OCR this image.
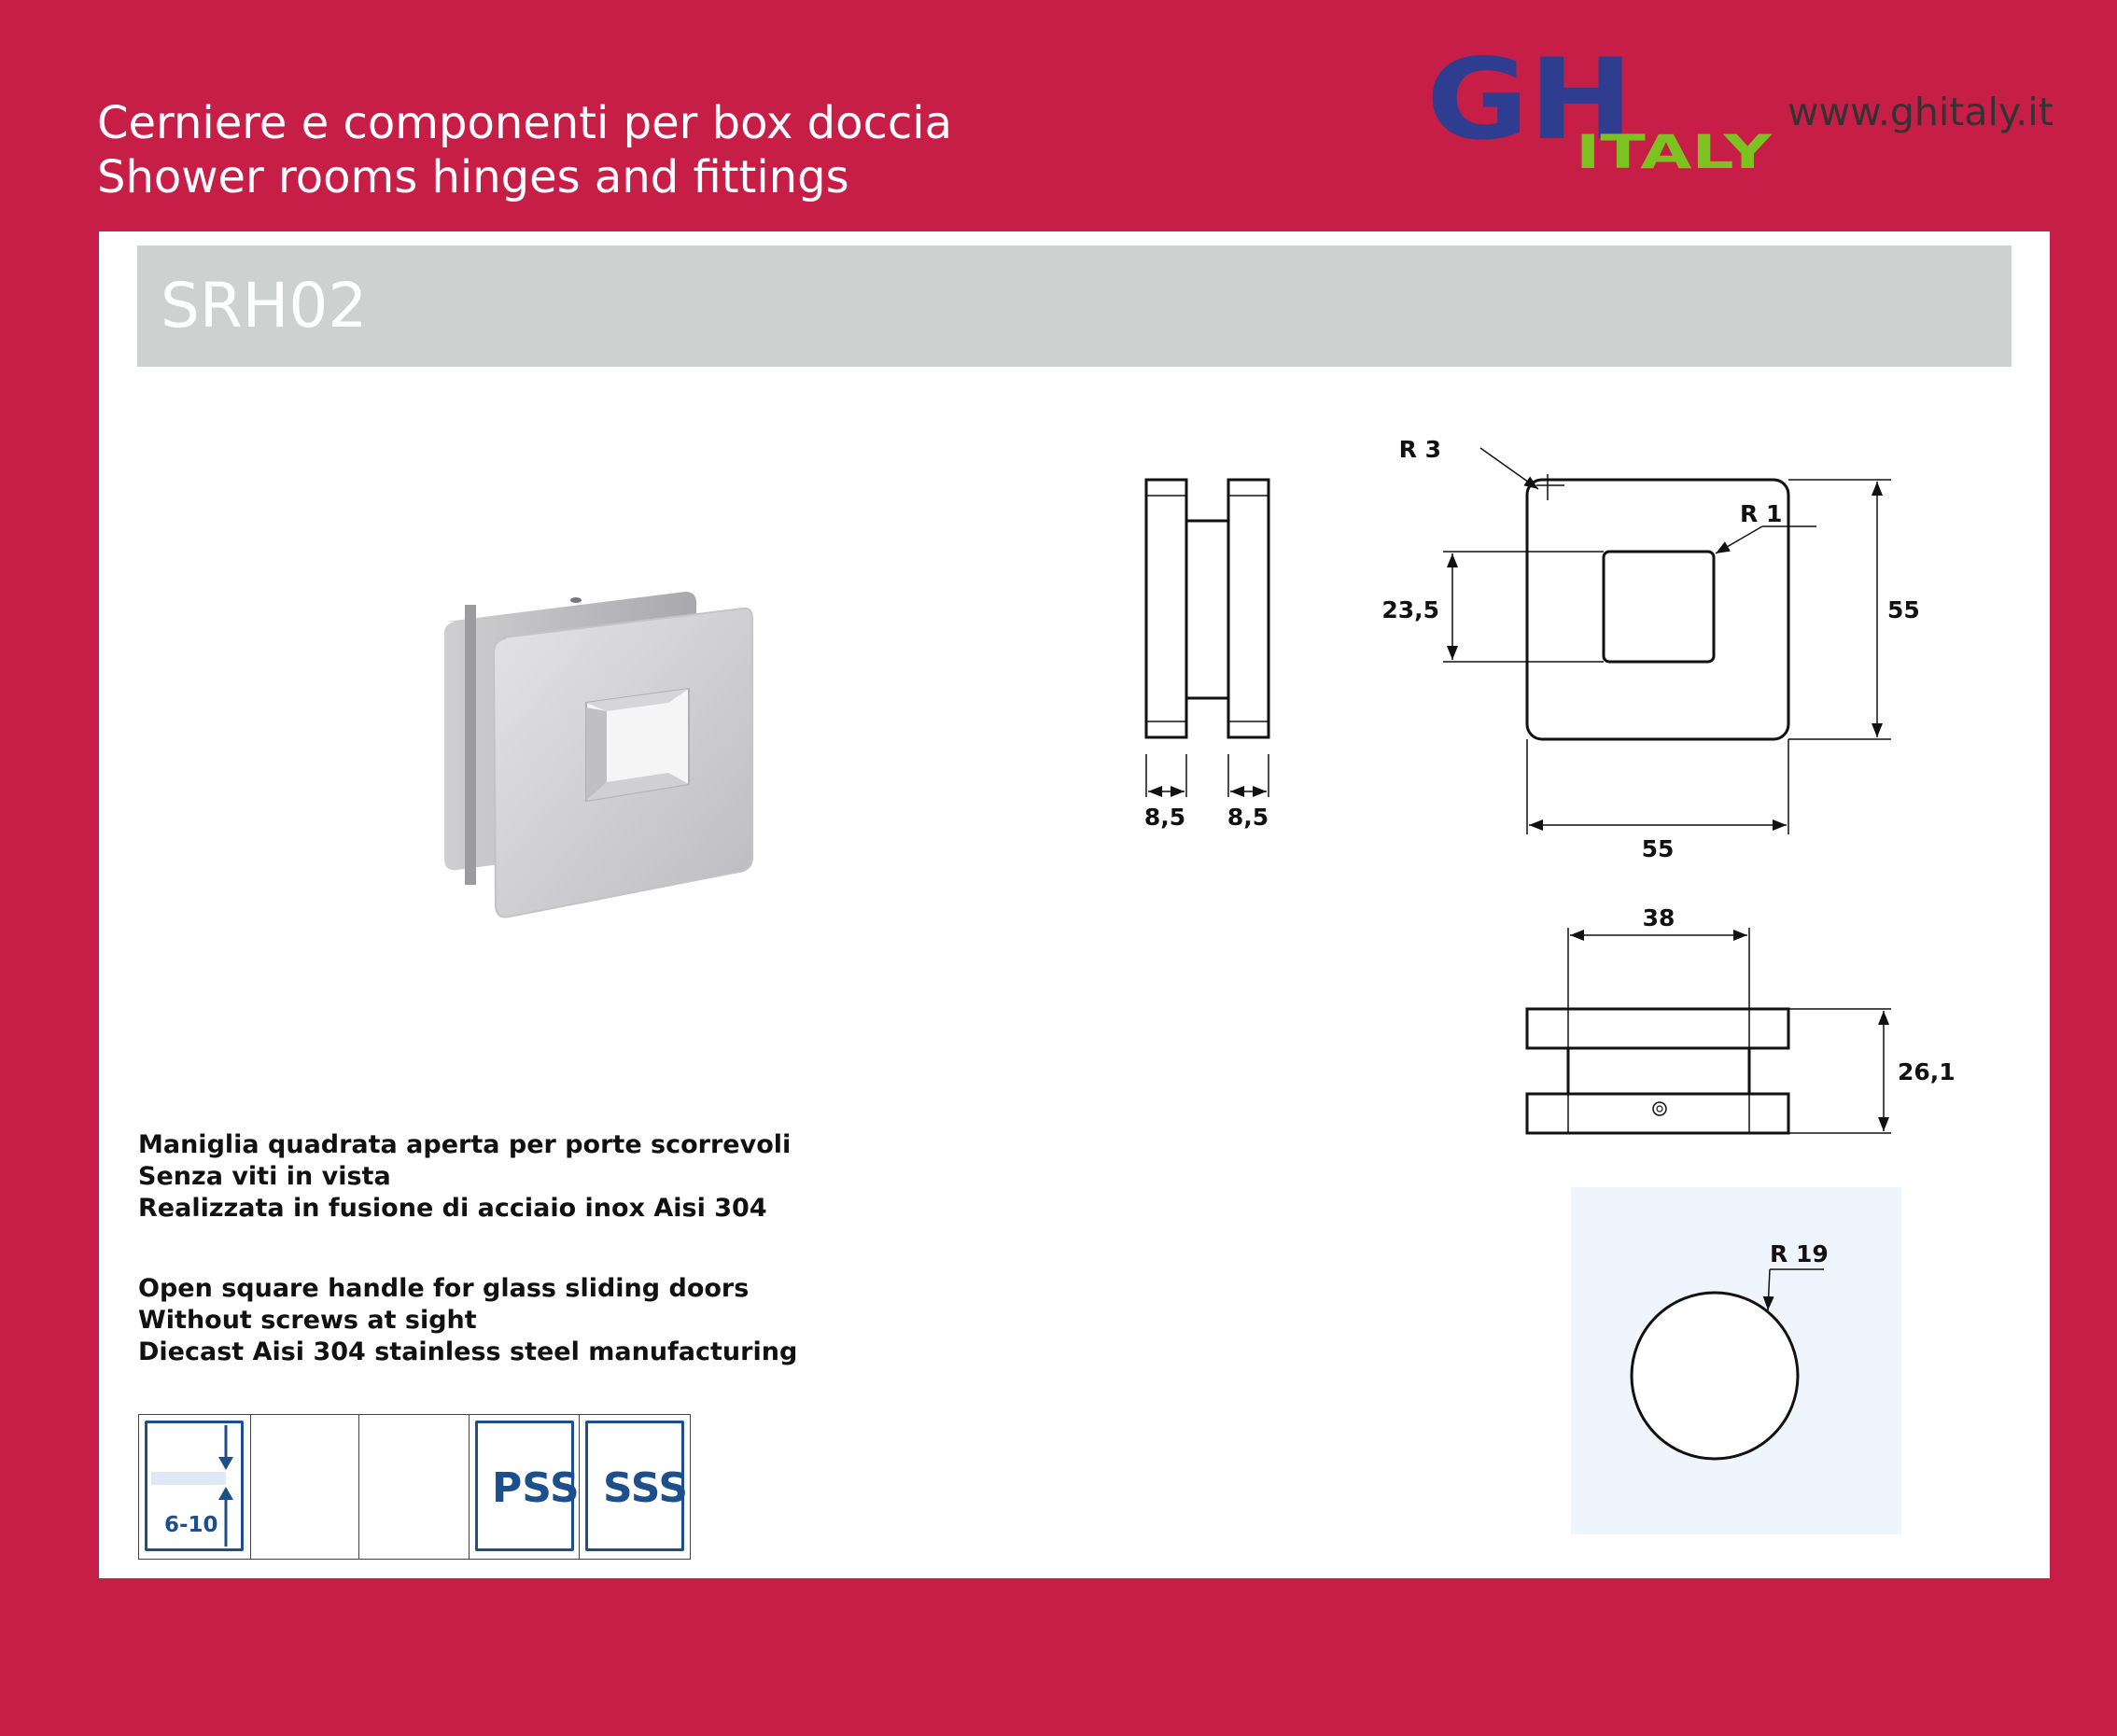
Cerniere e componenti per box doccia
Shower rooms hinges and fittings
GH
ITALY
www.ghitaly.it
SRH02
8,5 8,5
R 3
R 1
23,5	55
55
38
26,1
R 19
Maniglia quadrata aperta per porte scorrevoli
Senza viti in vista
Realizzata in fusione di acciaio inox Aisi 304
Open square handle for glass sliding doors
Without screws at sight
Diecast Aisi 304 stainless steel manufacturing
6-10
PSS SSS
